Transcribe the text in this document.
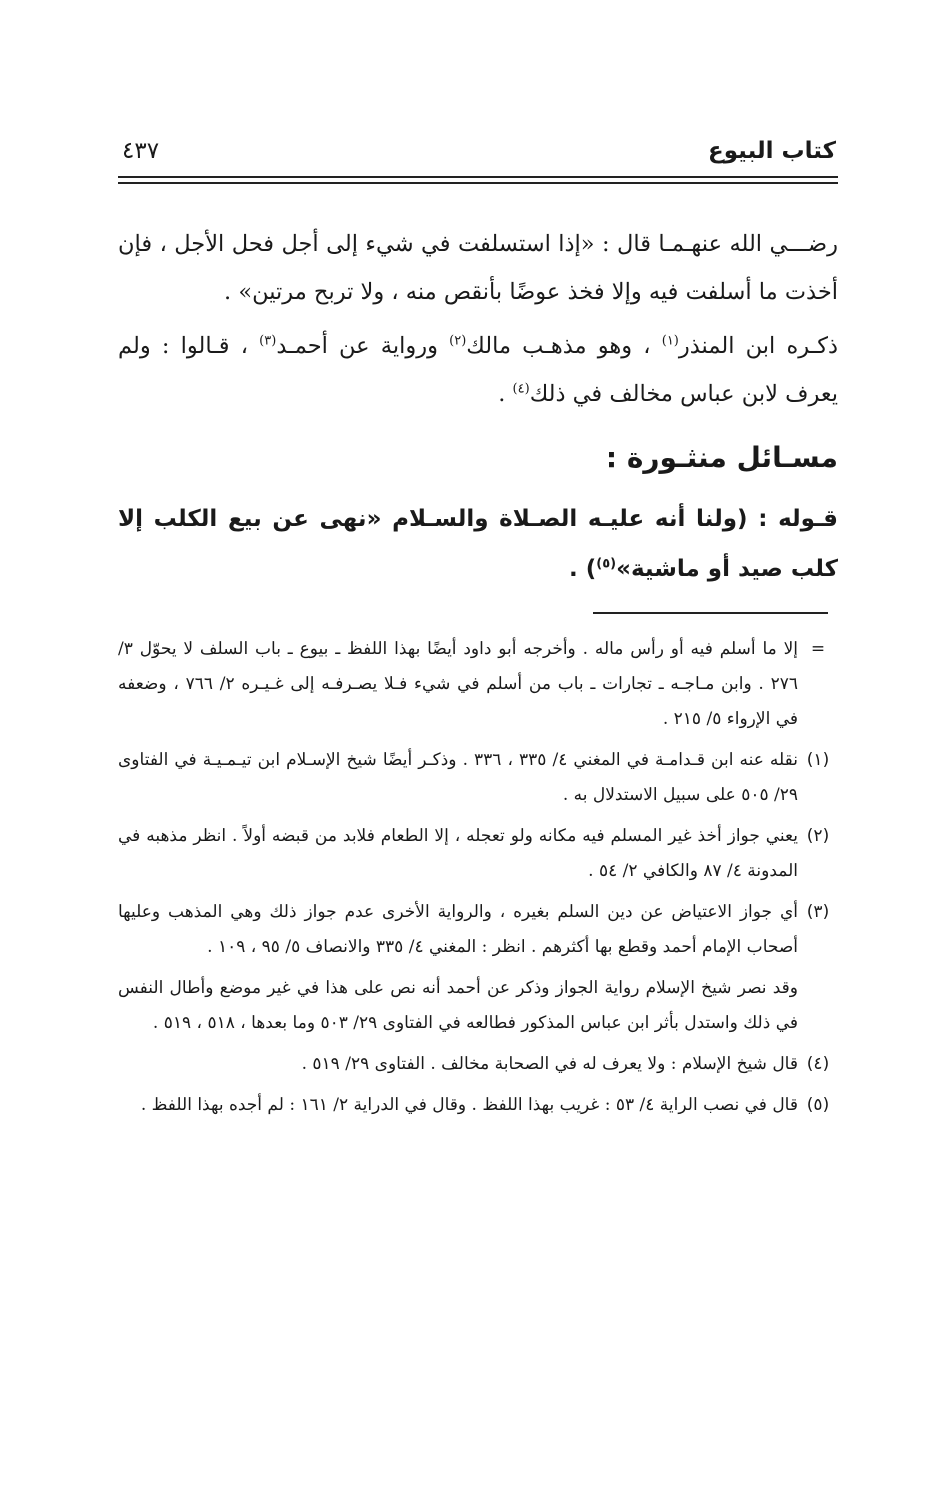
كتاب البيوع
٤٣٧

رضـــي الله عنهـمـا قال : «إذا استسلفت في شيء إلى أجل فحل الأجل ، فإن أخذت ما أسلفت فيه وإلا فخذ عوضًا بأنقص منه ، ولا تربح مرتين» .

ذكـره ابن المنذر$^{(١)}$ ، وهو مذهـب مالك$^{(٢)}$ ورواية عن أحمـد$^{(٣)}$ ، قـالوا : ولم يعرف لابن عباس مخالف في ذلك$^{(٤)}$ .

مسـائل منثـورة :

قـوله : (ولنا أنه عليـه الصـلاة والسـلام «نهى عن بيع الكلب إلا كلب صيد أو ماشية»$^{(٥)}$) .

=
إلا ما أسلم فيه أو رأس ماله . وأخرجه أبو داود أيضًا بهذا اللفظ ـ بيوع ـ باب السلف لا يحوّل ٣/ ٢٧٦ . وابن مـاجـه ـ تجارات ـ باب من أسلم في شيء فـلا يصـرفـه إلى غـيـره ٢/ ٧٦٦ ، وضعفه في الإرواء ٥/ ٢١٥ .
(١)
نقله عنه ابن قـدامـة في المغني ٤/ ٣٣٥ ، ٣٣٦ . وذكـر أيضًا شيخ الإسـلام ابن تيـمـيـة في الفتاوى ٢٩/ ٥٠٥ على سبيل الاستدلال به .
(٢)
يعني جواز أخذ غير المسلم فيه مكانه ولو تعجله ، إلا الطعام فلابد من قبضه أولاً . انظر مذهبه في المدونة ٤/ ٨٧ والكافي ٢/ ٥٤ .
(٣)
أي جواز الاعتياض عن دين السلم بغيره ، والرواية الأخرى عدم جواز ذلك وهي المذهب وعليها أصحاب الإمام أحمد وقطع بها أكثرهم . انظر : المغني ٤/ ٣٣٥ والانصاف ٥/ ٩٥ ، ١٠٩ .
وقد نصر شيخ الإسلام رواية الجواز وذكر عن أحمد أنه نص على هذا في غير موضع وأطال النفس في ذلك واستدل بأثر ابن عباس المذكور فطالعه في الفتاوى ٢٩/ ٥٠٣ وما بعدها ، ٥١٨ ، ٥١٩ .
(٤)
قال شيخ الإسلام : ولا يعرف له في الصحابة مخالف . الفتاوى ٢٩/ ٥١٩ .
(٥)
قال في نصب الراية ٤/ ٥٣ : غريب بهذا اللفظ . وقال في الدراية ٢/ ١٦١ : لم أجده بهذا اللفظ .
